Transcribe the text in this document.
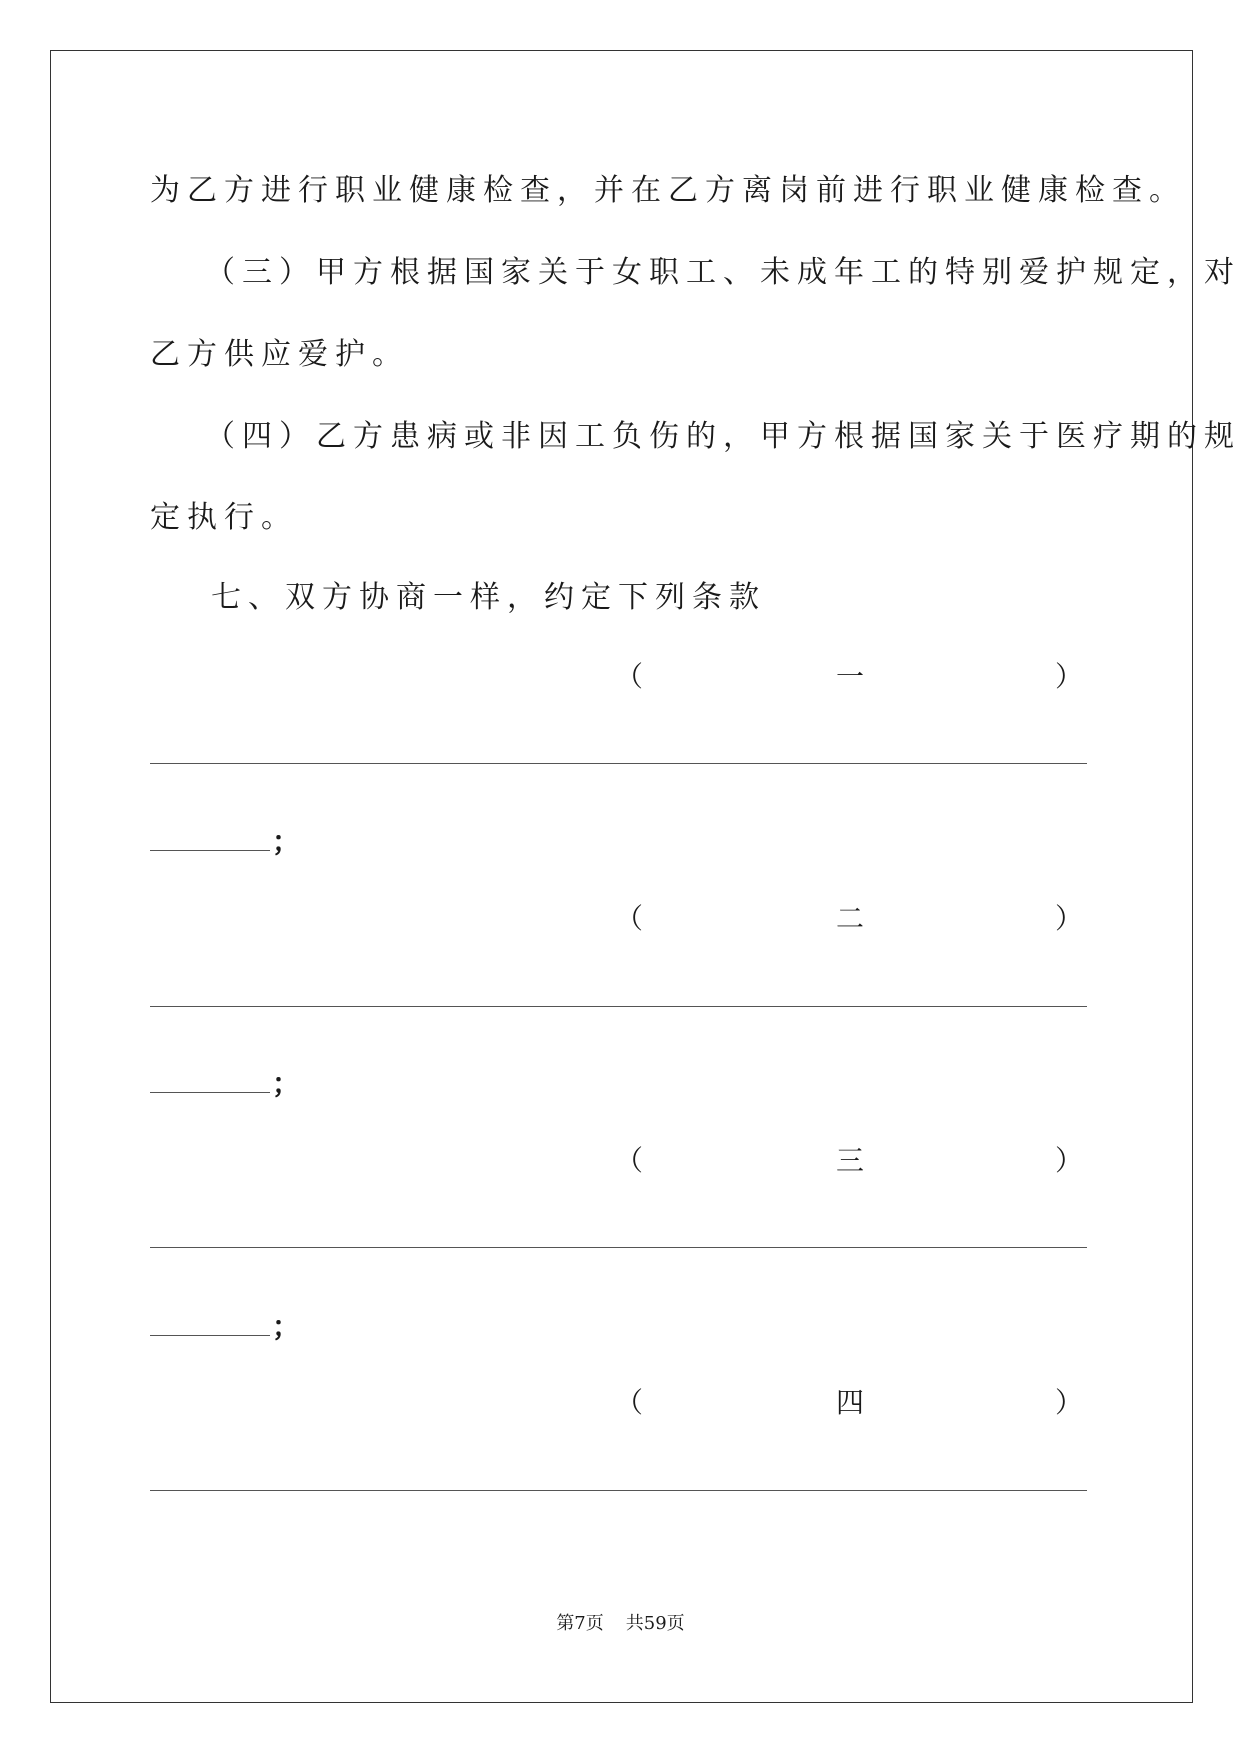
为乙方进行职业健康检查，并在乙方离岗前进行职业健康检查。
（三）甲方根据国家关于女职工、未成年工的特别爱护规定，对
乙方供应爱护。
（四）乙方患病或非因工负伤的，甲方根据国家关于医疗期的规
定执行。
七、双方协商一样，约定下列条款
（	一	）
；
（	二	）
；
（	三	）
；
（	四	）
第7页 共59页
